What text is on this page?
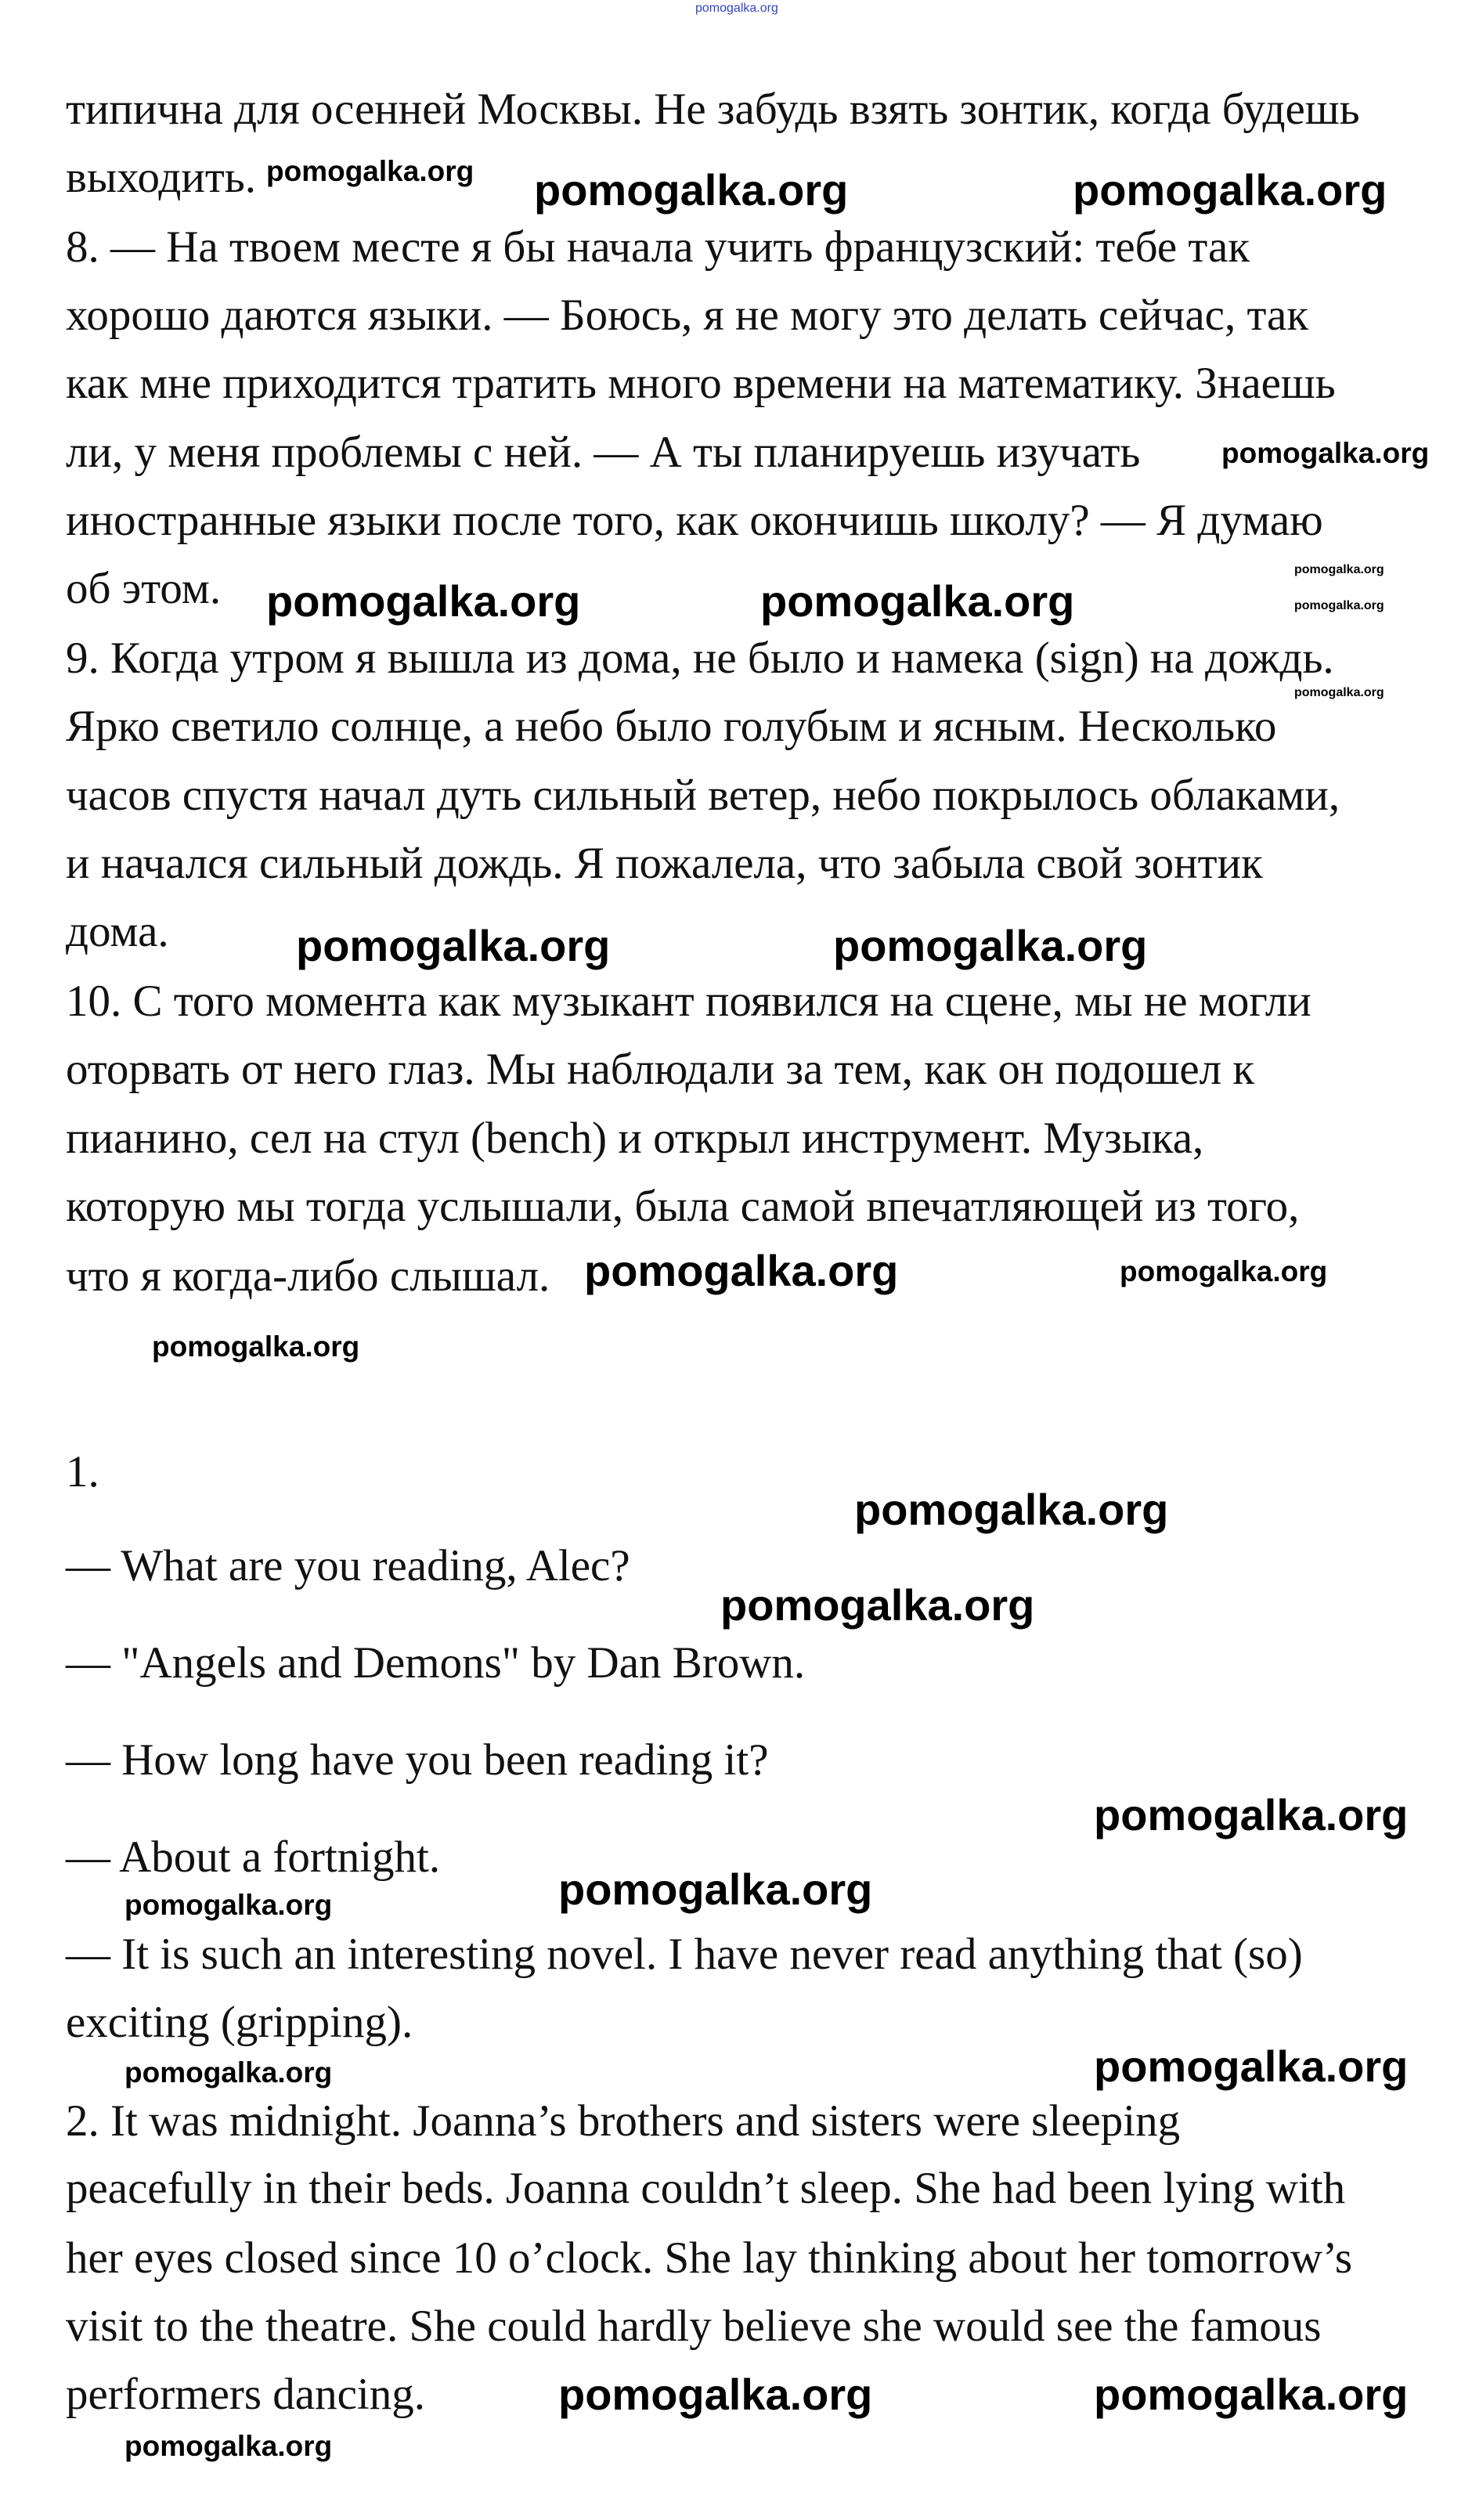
pomogalka.org
типична для осенней Москвы. Не забудь взять зонтик, когда будешь
выходить.
8. — На твоем месте я бы начала учить французский: тебе так
хорошо даются языки. — Боюсь, я не могу это делать сейчас, так
как мне приходится тратить много времени на математику. Знаешь
ли, у меня проблемы с ней. — А ты планируешь изучать
иностранные языки после того, как окончишь школу? — Я думаю
об этом.
9. Когда утром я вышла из дома, не было и намека (sign) на дождь.
Ярко светило солнце, а небо было голубым и ясным. Несколько
часов спустя начал дуть сильный ветер, небо покрылось облаками,
и начался сильный дождь. Я пожалела, что забыла свой зонтик
дома.
10. С того момента как музыкант появился на сцене, мы не могли
оторвать от него глаз. Мы наблюдали за тем, как он подошел к
пианино, сел на стул (bench) и открыл инструмент. Музыка,
которую мы тогда услышали, была самой впечатляющей из того,
что я когда-либо слышал.
1.
— What are you reading, Alec?
— "Angels and Demons" by Dan Brown.
— How long have you been reading it?
— About a fortnight.
— It is such an interesting novel. I have never read anything that (so)
exciting (gripping).
2. It was midnight. Joanna’s brothers and sisters were sleeping
peacefully in their beds. Joanna couldn’t sleep. She had been lying with
her eyes closed since 10 o’clock. She lay thinking about her tomorrow’s
visit to the theatre. She could hardly believe she would see the famous
performers dancing.
pomogalka.org pomogalka.org	pomogalka.org
pomogalka.org
pomogalka.org
pomogalka.org	pomogalka.org	pomogalka.org
pomogalka.org
pomogalka.org	pomogalka.org
pomogalka.org
pomogalka.org
pomogalka.org
pomogalka.org
pomogalka.org
pomogalka.org
pomogalka.org	pomogalka.org
pomogalka.org	pomogalka.org
pomogalka.org
pomogalka.org	pomogalka.org
